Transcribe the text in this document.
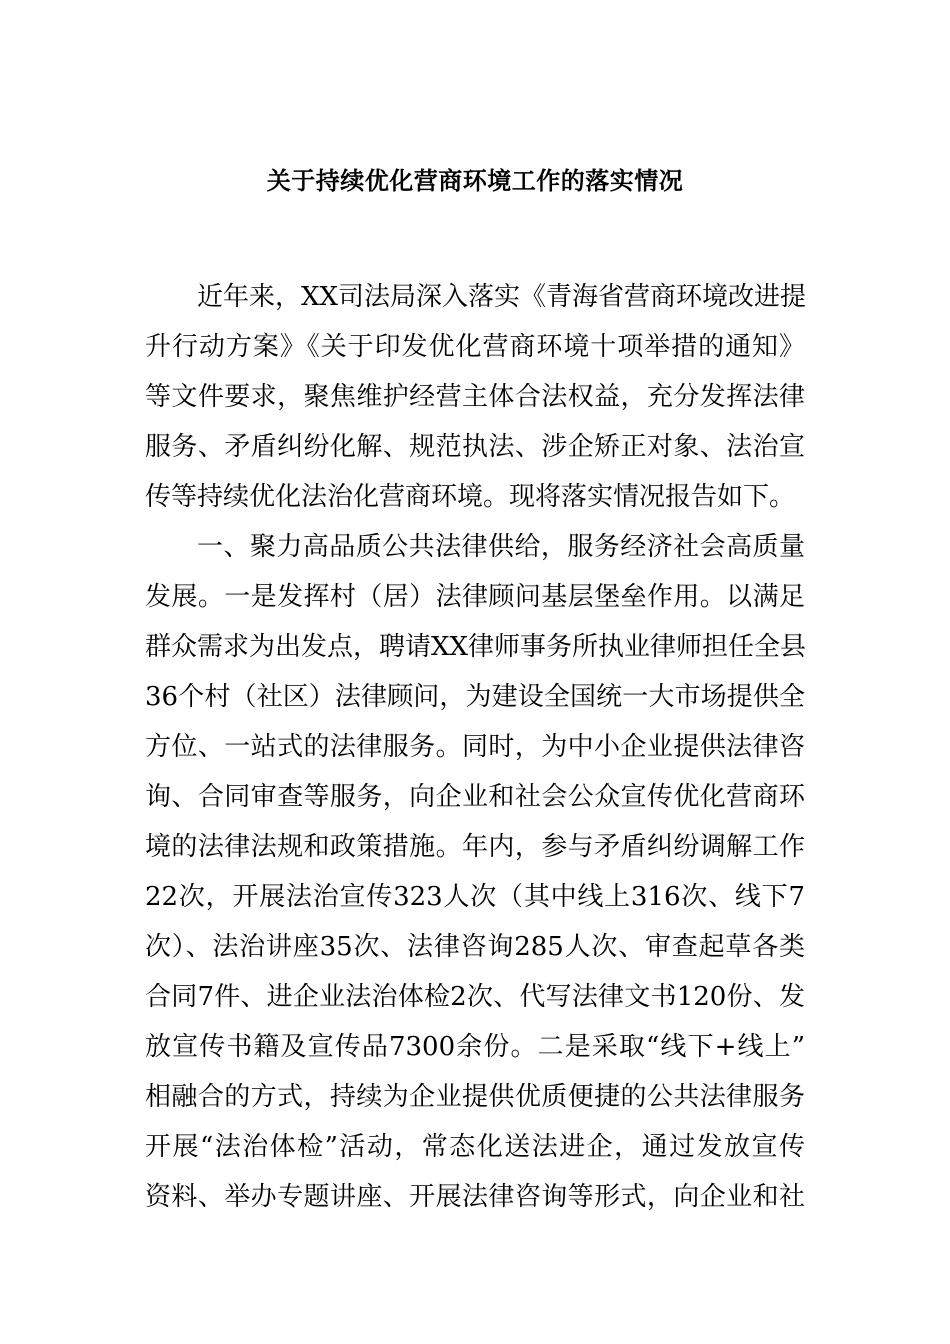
关于持续优化营商环境工作的落实情况

近年来，XX司法局深入落实《青海省营商环境改进提

升行动方案》《关于印发优化营商环境十项举措的通知》

等文件要求，聚焦维护经营主体合法权益，充分发挥法律

服务、矛盾纠纷化解、规范执法、涉企矫正对象、法治宣

传等持续优化法治化营商环境。现将落实情况报告如下。

一、聚力高品质公共法律供给，服务经济社会高质量

发展。一是发挥村（居）法律顾问基层堡垒作用。以满足

群众需求为出发点，聘请XX律师事务所执业律师担任全县

36个村（社区）法律顾问，为建设全国统一大市场提供全

方位、一站式的法律服务。同时，为中小企业提供法律咨

询、合同审查等服务，向企业和社会公众宣传优化营商环

境的法律法规和政策措施。年内，参与矛盾纠纷调解工作

22次，开展法治宣传323人次（其中线上316次、线下7

次）、法治讲座35次、法律咨询285人次、审查起草各类

合同7件、进企业法治体检2次、代写法律文书120份、发

放宣传书籍及宣传品7300余份。二是采取“线下+线上”

相融合的方式，持续为企业提供优质便捷的公共法律服务

开展“法治体检”活动，常态化送法进企，通过发放宣传

资料、举办专题讲座、开展法律咨询等形式，向企业和社
